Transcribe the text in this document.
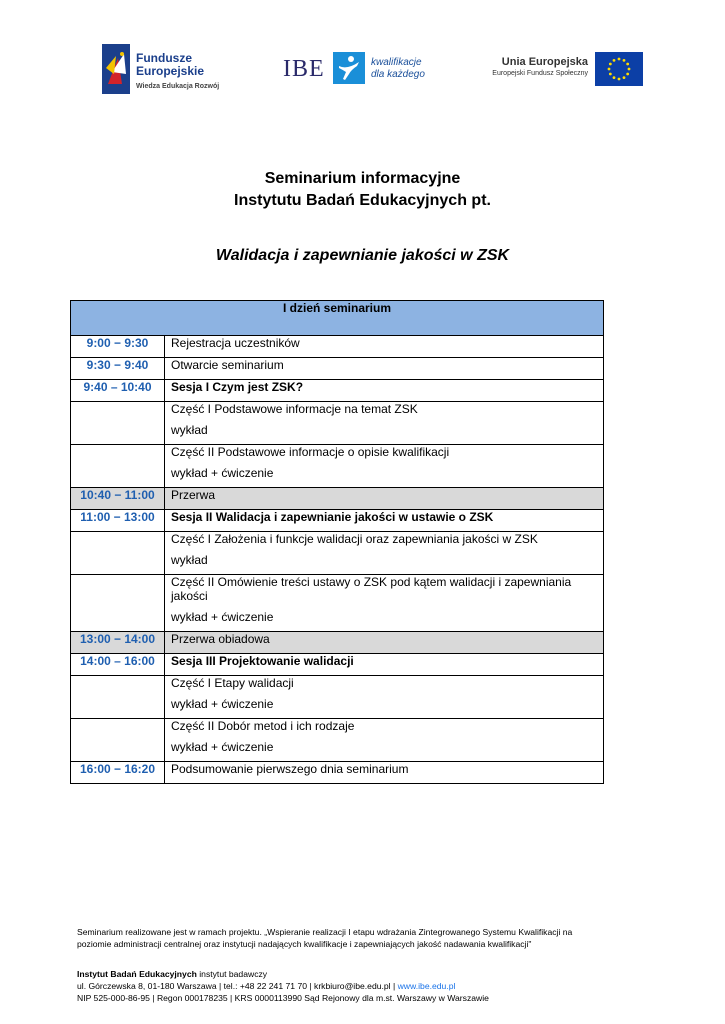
Fundusze
Europejskie
Wiedza Edukacja Rozwój
IBE	kwalifikacje
dla każdego
Unia Europejska
Europejski Fundusz Społeczny
Seminarium informacyjne
Instytutu Badań Edukacyjnych pt.
Walidacja i zapewnianie jakości w ZSK
I dzień seminarium	
9:00 − 9:30	Rejestracja uczestników
9:30 − 9:40	Otwarcie seminarium
9:40 – 10:40	Sesja I Czym jest ZSK?

	Część I Podstawowe informacje na temat ZSK
wykład

	Część II Podstawowe informacje o opisie kwalifikacji
wykład + ćwiczenie

10:40 − 11:00	Przerwa
11:00 − 13:00	Sesja II Walidacja i zapewnianie jakości w ustawie o ZSK

	Część I Założenia i funkcje walidacji oraz zapewniania jakości w ZSK
wykład

	Część II Omówienie treści ustawy o ZSK pod kątem walidacji i zapewniania
jakości
wykład + ćwiczenie

13:00 − 14:00	Przerwa obiadowa
14:00 – 16:00	Sesja III Projektowanie walidacji

	Część I Etapy walidacji
wykład + ćwiczenie

	Część II Dobór metod i ich rodzaje
wykład + ćwiczenie

16:00 − 16:20	Podsumowanie pierwszego dnia seminarium
Seminarium realizowane jest w ramach projektu. „Wspieranie realizacji I etapu wdrażania Zintegrowanego Systemu Kwalifikacji na
poziomie administracji centralnej oraz instytucji nadających kwalifikacje i zapewniających jakość nadawania kwalifikacji"
Instytut Badań Edukacyjnych instytut badawczy
ul. Górczewska 8, 01-180 Warszawa | tel.: +48 22 241 71 70 | krkbiuro@ibe.edu.pl | www.ibe.edu.pl
NIP 525-000-86-95 | Regon 000178235 | KRS 0000113990 Sąd Rejonowy dla m.st. Warszawy w Warszawie
